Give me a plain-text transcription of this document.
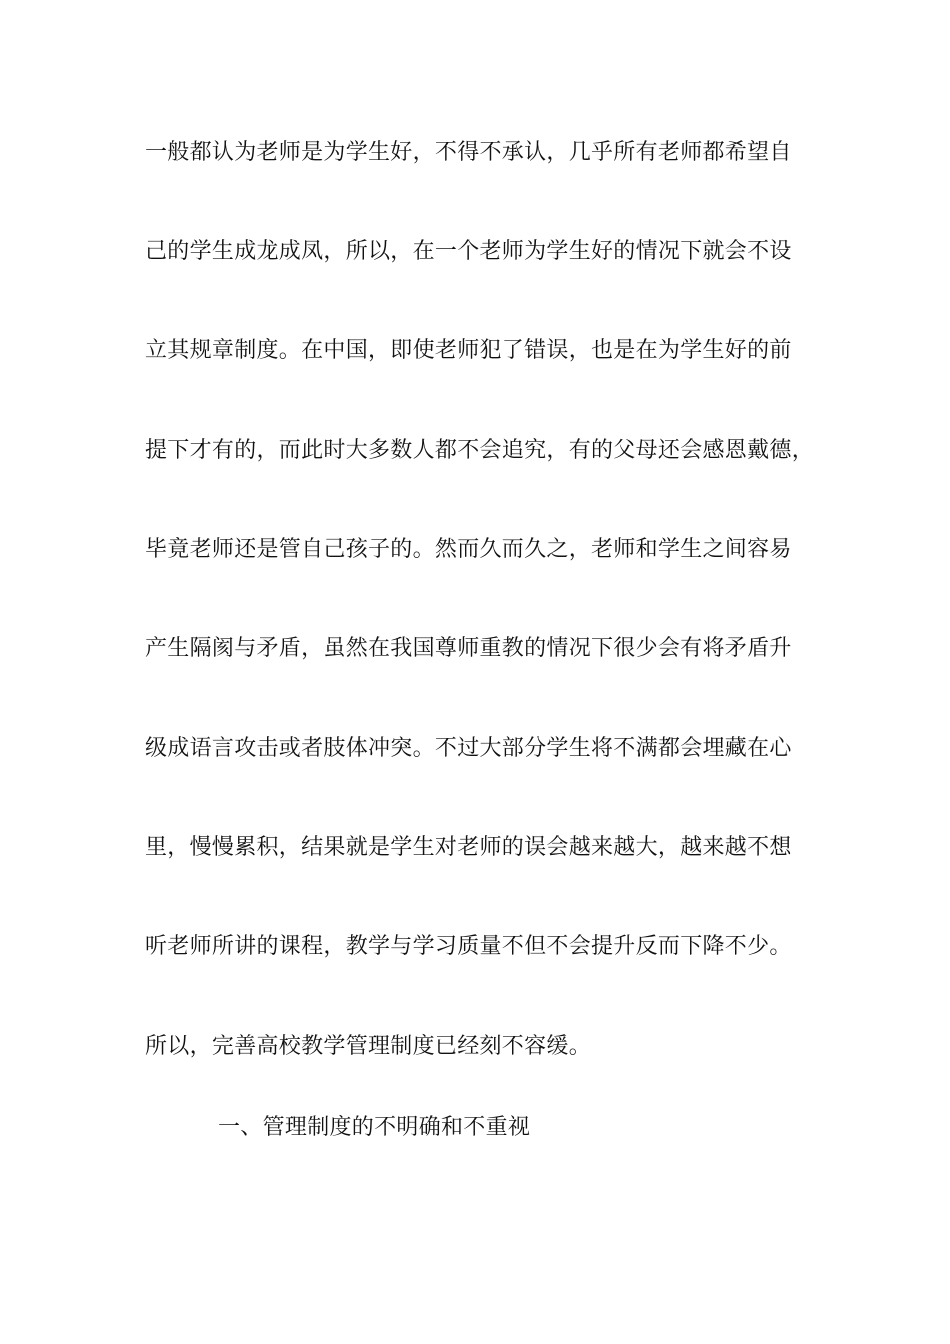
一般都认为老师是为学生好，不得不承认，几乎所有老师都希望自
己的学生成龙成凤，所以，在一个老师为学生好的情况下就会不设
立其规章制度。在中国，即使老师犯了错误，也是在为学生好的前
提下才有的，而此时大多数人都不会追究，有的父母还会感恩戴德，
毕竟老师还是管自己孩子的。然而久而久之，老师和学生之间容易
产生隔阂与矛盾，虽然在我国尊师重教的情况下很少会有将矛盾升
级成语言攻击或者肢体冲突。不过大部分学生将不满都会埋藏在心
里，慢慢累积，结果就是学生对老师的误会越来越大，越来越不想
听老师所讲的课程，教学与学习质量不但不会提升反而下降不少。
所以，完善高校教学管理制度已经刻不容缓。
一、管理制度的不明确和不重视
